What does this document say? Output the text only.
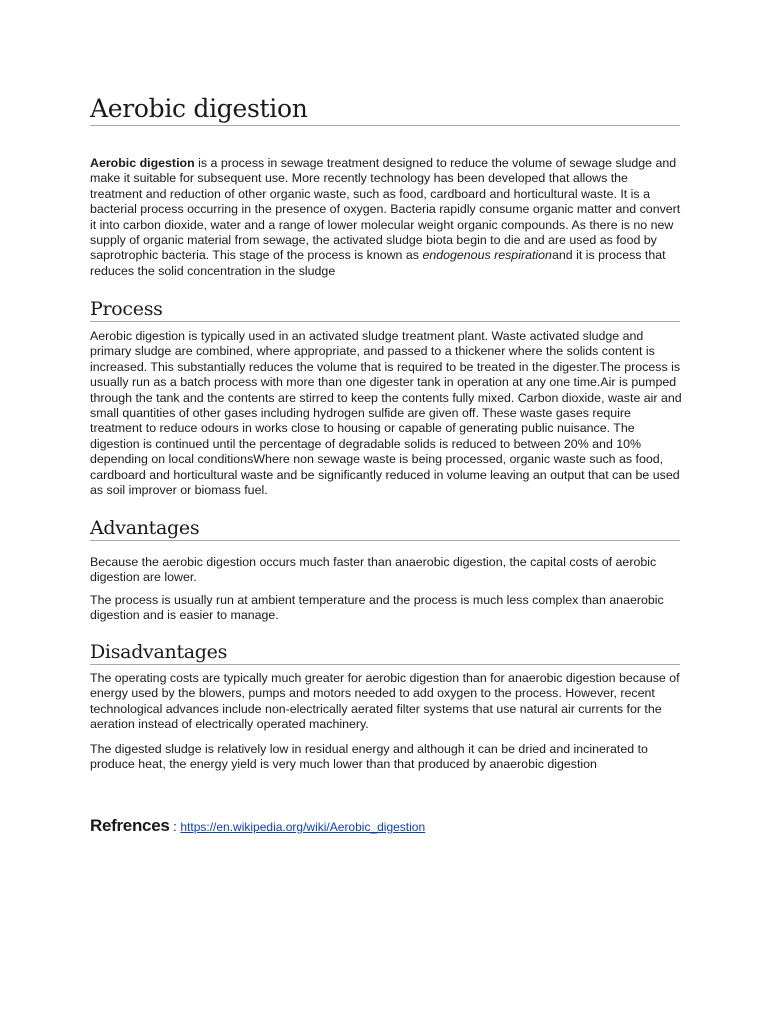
Aerobic digestion

Aerobic digestion is a process in sewage treatment designed to reduce the volume of sewage sludge and make it suitable for subsequent use. More recently technology has been developed that allows the treatment and reduction of other organic waste, such as food, cardboard and horticultural waste. It is a bacterial process occurring in the presence of oxygen. Bacteria rapidly consume organic matter and convert it into carbon dioxide, water and a range of lower molecular weight organic compounds. As there is no new supply of organic material from sewage, the activated sludge biota begin to die and are used as food by saprotrophic bacteria. This stage of the process is known as endogenous respirationand it is process that reduces the solid concentration in the sludge

Process

Aerobic digestion is typically used in an activated sludge treatment plant. Waste activated sludge and primary sludge are combined, where appropriate, and passed to a thickener where the solids content is increased. This substantially reduces the volume that is required to be treated in the digester.The process is usually run as a batch process with more than one digester tank in operation at any one time.Air is pumped through the tank and the contents are stirred to keep the contents fully mixed. Carbon dioxide, waste air and small quantities of other gases including hydrogen sulfide are given off. These waste gases require treatment to reduce odours in works close to housing or capable of generating public nuisance. The digestion is continued until the percentage of degradable solids is reduced to between 20% and 10% depending on local conditionsWhere non sewage waste is being processed, organic waste such as food, cardboard and horticultural waste and be significantly reduced in volume leaving an output that can be used as soil improver or biomass fuel.

Advantages

Because the aerobic digestion occurs much faster than anaerobic digestion, the capital costs of aerobic digestion are lower.

The process is usually run at ambient temperature and the process is much less complex than anaerobic digestion and is easier to manage.

Disadvantages

The operating costs are typically much greater for aerobic digestion than for anaerobic digestion because of energy used by the blowers, pumps and motors needed to add oxygen to the process. However, recent technological advances include non-electrically aerated filter systems that use natural air currents for the aeration instead of electrically operated machinery.

The digested sludge is relatively low in residual energy and although it can be dried and incinerated to produce heat, the energy yield is very much lower than that produced by anaerobic digestion

Refrences : https://en.wikipedia.org/wiki/Aerobic_digestion
